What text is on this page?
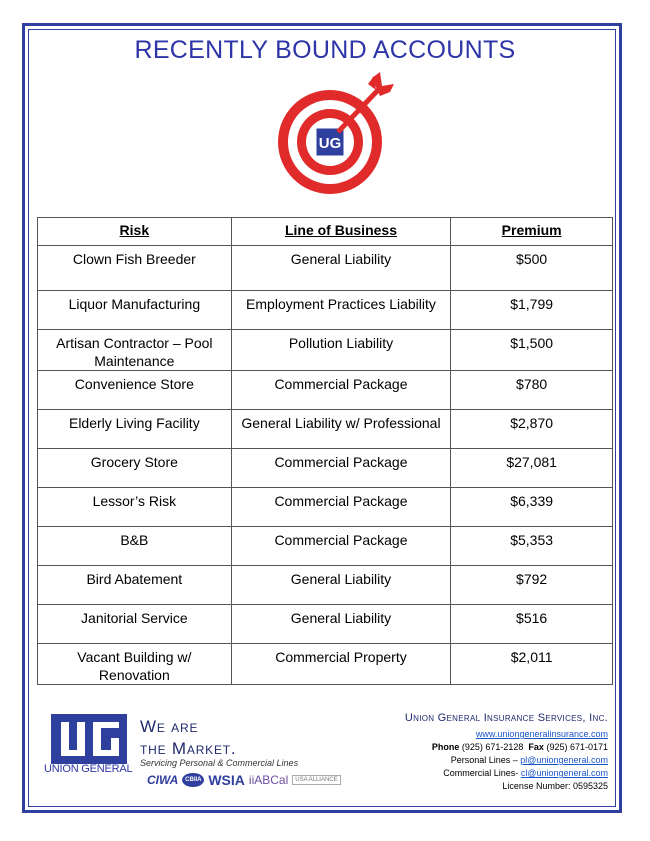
RECENTLY BOUND ACCOUNTS
UG
Risk	Line of Business	Premium
Clown Fish Breeder	General Liability	$500
Liquor Manufacturing	Employment Practices Liability	$1,799
Artisan Contractor – Pool Maintenance	Pollution Liability	$1,500
Convenience Store	Commercial Package	$780
Elderly Living Facility	General Liability w/ Professional	$2,870
Grocery Store	Commercial Package	$27,081
Lessor’s Risk	Commercial Package	$6,339
B&B	Commercial Package	$5,353
Bird Abatement	General Liability	$792
Janitorial Service	General Liability	$516
Vacant Building w/ Renovation	Commercial Property	$2,011
UNION GENERAL
We are
the Market.
Servicing Personal & Commercial Lines
CIWA	CBIIA WSIA iiABCal	USA ALLIANCE
Union General Insurance Services, Inc.
www.uniongeneralinsurance.com
Phone (925) 671-2128 Fax (925) 671-0171
Personal Lines – pl@uniongeneral.com
Commercial Lines- cl@uniongeneral.com
License Number: 0595325
